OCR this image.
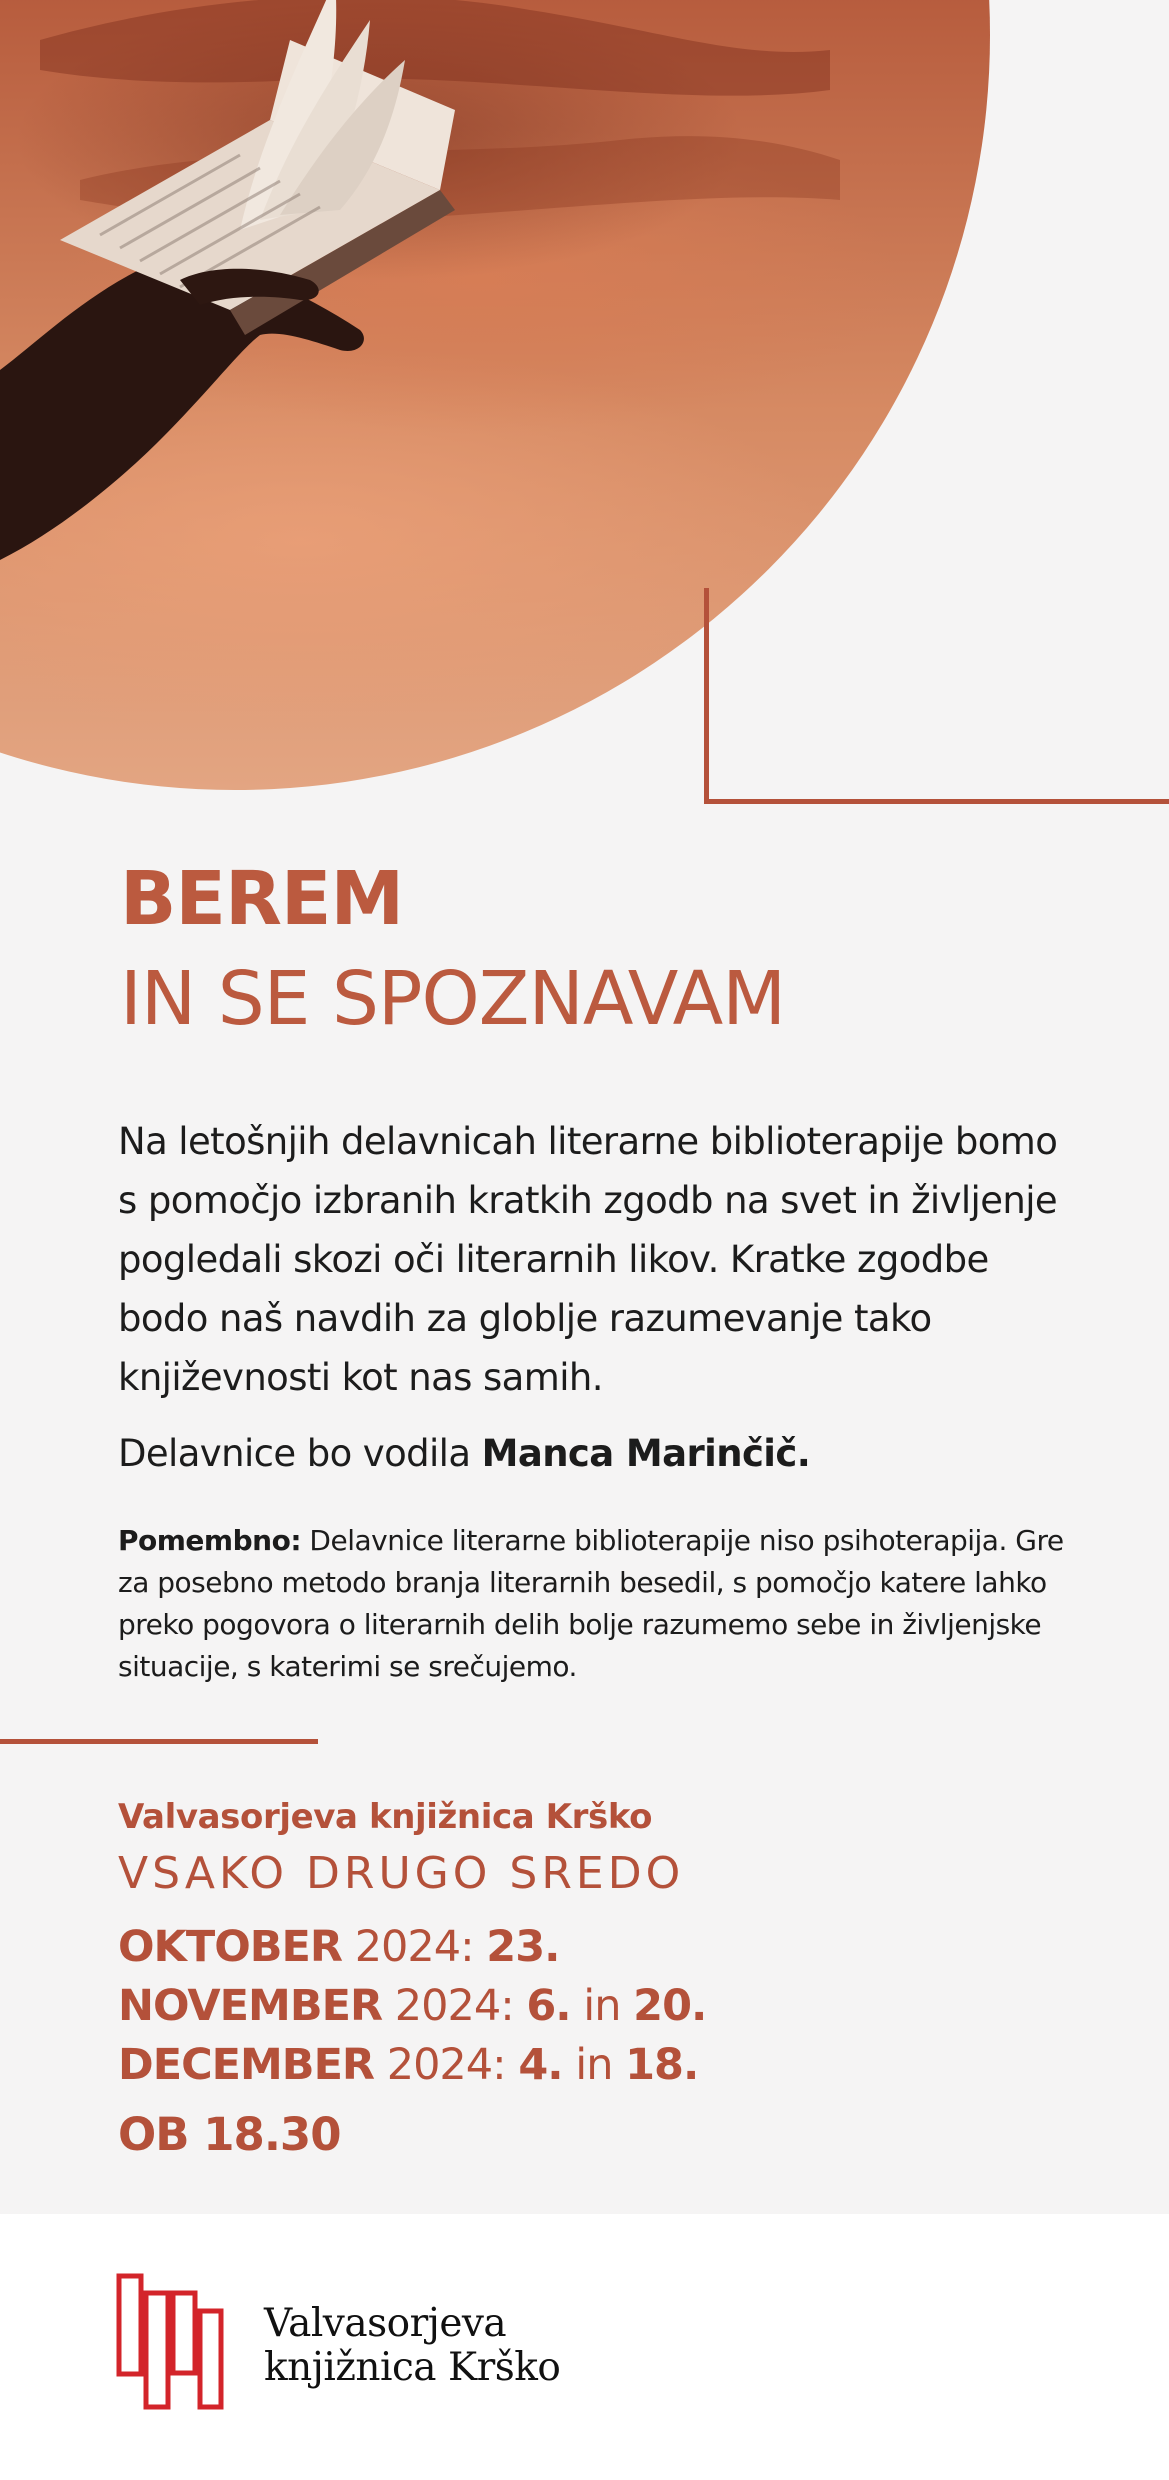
BEREM
IN SE SPOZNAVAM

Na letošnjih delavnicah literarne biblioterapije bomo s pomočjo izbranih kratkih zgodb na svet in življenje pogledali skozi oči literarnih likov. Kratke zgodbe bodo naš navdih za globlje razumevanje tako književnosti kot nas samih.

Delavnice bo vodila Manca Marinčič.

Pomembno: Delavnice literarne biblioterapije niso psihoterapija. Gre za posebno metodo branja literarnih besedil, s pomočjo katere lahko preko pogovora o literarnih delih bolje razumemo sebe in življenjske situacije, s katerimi se srečujemo.

Valvasorjeva knjižnica Krško

VSAKO DRUGO SREDO

OKTOBER 2024: 23.
NOVEMBER 2024: 6. in 20.
DECEMBER 2024: 4. in 18.

OB 18.30

Valvasorjeva
knjižnica Krško
